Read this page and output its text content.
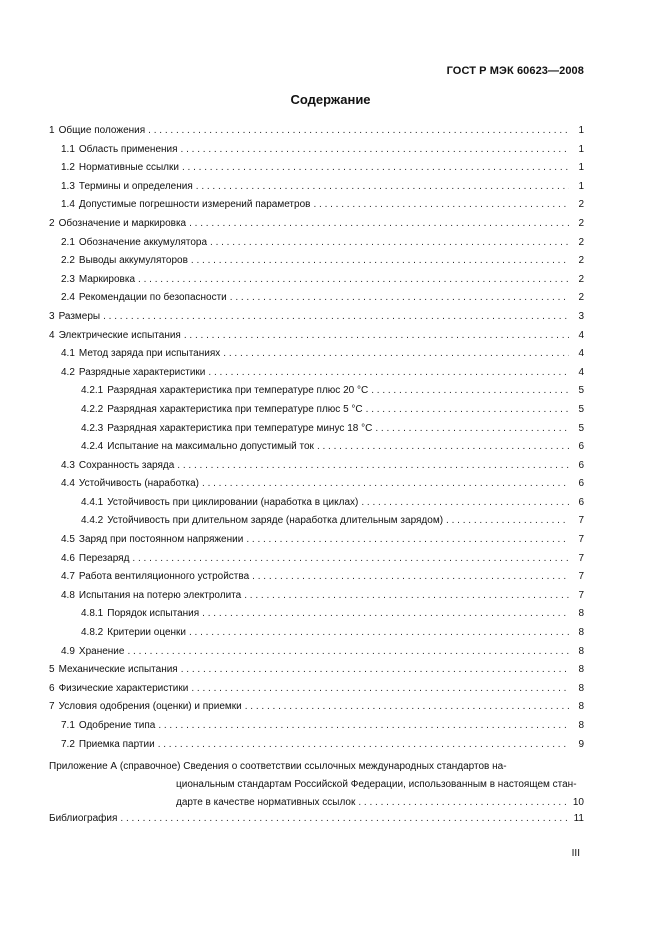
ГОСТ Р МЭК 60623—2008
Содержание
1 Общие положения . . .	1
1.1 Область применения . . .	1
1.2 Нормативные ссылки . . .	1
1.3 Термины и определения . . .	1
1.4 Допустимые погрешности измерений параметров . . .	2
2 Обозначение и маркировка . . .	2
2.1 Обозначение аккумулятора . . .	2
2.2 Выводы аккумуляторов . . .	2
2.3 Маркировка . . .	2
2.4 Рекомендации по безопасности . . .	2
3 Размеры . . .	3
4 Электрические испытания . . .	4
4.1 Метод заряда при испытаниях . . .	4
4.2 Разрядные характеристики . . .	4
4.2.1 Разрядная характеристика при температуре плюс 20 °С . . .	5
4.2.2 Разрядная характеристика при температуре плюс 5 °С . . .	5
4.2.3 Разрядная характеристика при температуре минус 18 °С . . .	5
4.2.4 Испытание на максимально допустимый ток . . .	6
4.3 Сохранность заряда . . .	6
4.4 Устойчивость (наработка) . . .	6
4.4.1 Устойчивость при циклировании (наработка в циклах) . . .	6
4.4.2 Устойчивость при длительном заряде (наработка длительным зарядом) . . .	7
4.5 Заряд при постоянном напряжении . . .	7
4.6 Перезаряд . . .	7
4.7 Работа вентиляционного устройства . . .	7
4.8 Испытания на потерю электролита . . .	7
4.8.1 Порядок испытания . . .	8
4.8.2 Критерии оценки . . .	8
4.9 Хранение . . .	8
5 Механические испытания . . .	8
6 Физические характеристики . . .	8
7 Условия одобрения (оценки) и приемки . . .	8
7.1 Одобрение типа . . .	8
7.2 Приемка партии . . .	9
Приложение А (справочное) Сведения о соответствии ссылочных международных стандартов на-
циональным стандартам Российской Федерации, использованным в настоящем стан-
дарте в качестве нормативных ссылок . . .	10
Библиография . . .	11
III
